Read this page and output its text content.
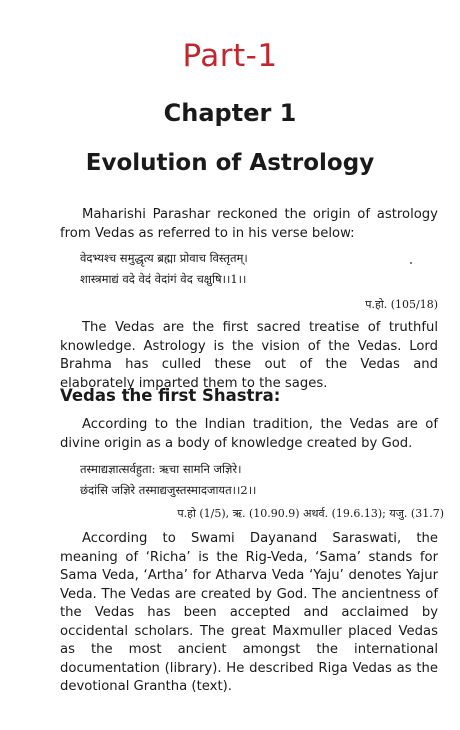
Part-1
Chapter 1
Evolution of Astrology

Maharishi Parashar reckoned the origin of astrology from Vedas as referred to in his verse below:

वेदभ्यश्च समुद्धृत्य ब्रह्मा प्रोवाच विस्तृतम्।

शास्त्रमाद्यं वदे वेदं वेदांगं वेद चक्षुषि।।1।।

प.हो. (105/18)

The Vedas are the first sacred treatise of truthful knowledge. Astrology is the vision of the Vedas. Lord Brahma has culled these out of the Vedas and elaborately imparted them to the sages.

Vedas the first Shastra:

According to the Indian tradition, the Vedas are of divine origin as a body of knowledge created by God.

तस्माद्यज्ञात्सर्वहुता: ऋचा सामनि जज्ञिरे।

छंदांसि जज्ञिरे तस्माद्यजुस्तस्मादजायत।।2।।

प.हो (1/5), ऋ. (10.90.9) अथर्व. (19.6.13); यजु. (31.7)

According to Swami Dayanand Saraswati, the meaning of ‘Richa’ is the Rig-Veda, ‘Sama’ stands for Sama Veda, ‘Artha’ for Atharva Veda ‘Yaju’ denotes Yajur Veda. The Vedas are created by God. The ancientness of the Vedas has been accepted and acclaimed by occidental scholars. The great Maxmuller placed Vedas as the most ancient amongst the international documentation (library). He described Riga Vedas as the devotional Grantha (text).
